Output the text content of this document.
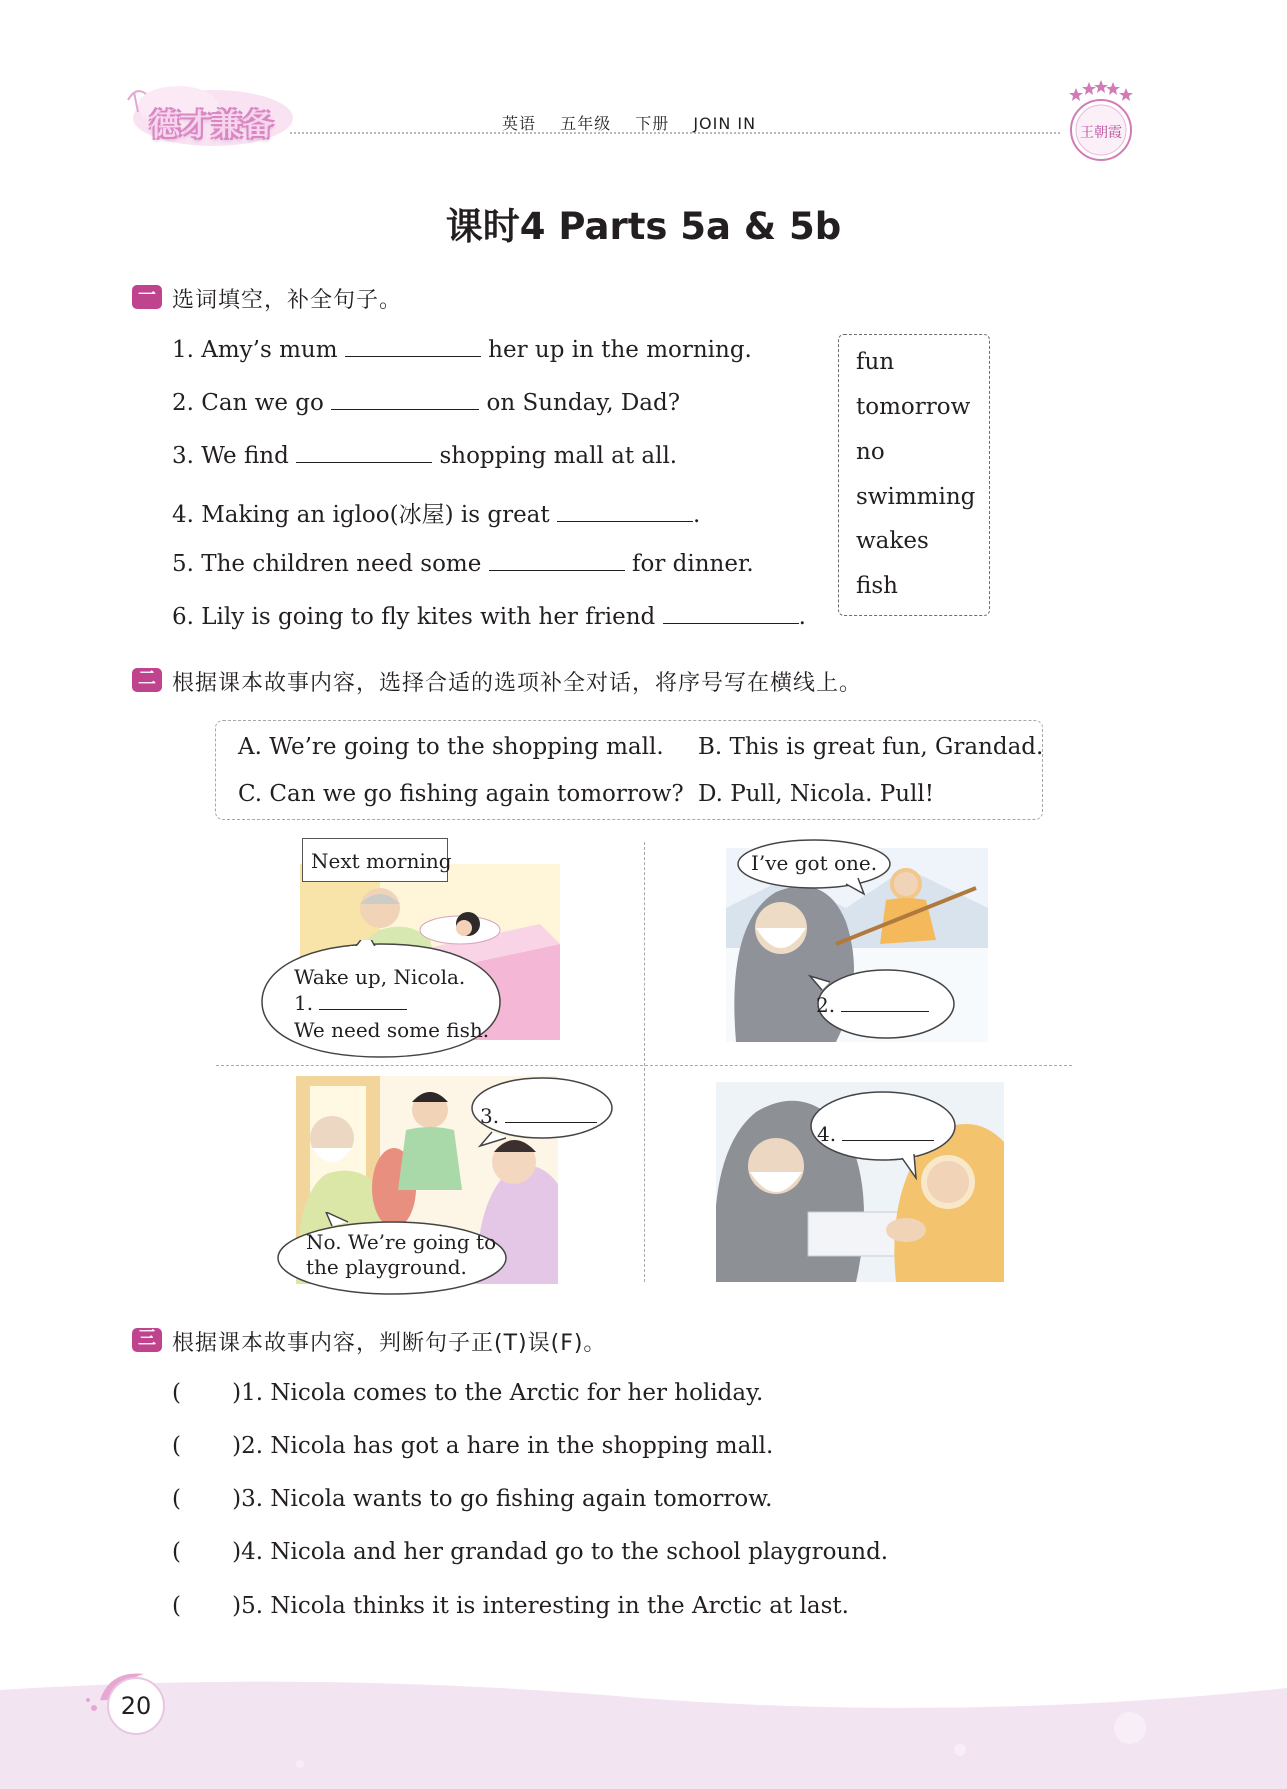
德才兼备	英语 五年级 下册 JOIN IN	王朝霞
课时4 Parts 5a & 5b
一 选词填空，补全句子。
1. Amy’s mum	her up in the morning.
2. Can we go	on Sunday, Dad?
3. We find	shopping mall at all.
4. Making an igloo(冰屋) is great	.
5. The children need some	for dinner.
6. Lily is going to fly kites with her friend	.
fun
tomorrow
no
swimming
wakes
fish
二 根据课本故事内容，选择合适的选项补全对话，将序号写在横线上。
A. We’re going to the shopping mall. B. This is great fun, Grandad.
C. Can we go fishing again tomorrow? D. Pull, Nicola. Pull!
Next morning
Wake up, Nicola.
1.
We need some fish.
I’ve got one.
2.
3.
No. We’re going to
the playground.
4.
三 根据课本故事内容，判断句子正(T)误(F)。
(       )1. Nicola comes to the Arctic for her holiday.
(       )2. Nicola has got a hare in the shopping mall.
(       )3. Nicola wants to go fishing again tomorrow.
(       )4. Nicola and her grandad go to the school playground.
(       )5. Nicola thinks it is interesting in the Arctic at last.
20
